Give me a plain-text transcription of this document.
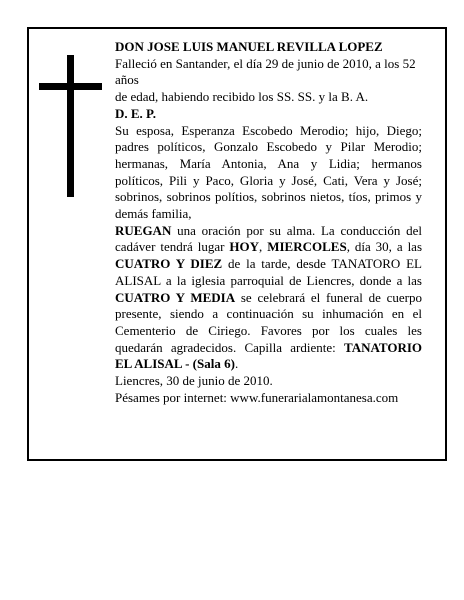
DON JOSE LUIS MANUEL REVILLA LOPEZ

Falleció en Santander, el día 29 de junio de 2010, a los 52 años

de edad, habiendo recibido los SS. SS. y la B. A.

D. E. P.

Su esposa, Esperanza Escobedo Merodio; hijo, Diego; padres políticos, Gonzalo Escobedo y Pilar Merodio; hermanas, María Antonia, Ana y Lidia; hermanos políticos, Pili y Paco, Gloria y José, Cati, Vera y José; sobrinos, sobrinos polítios, sobrinos nietos, tíos, primos y demás familia,

RUEGAN una oración por su alma. La conducción del cadáver tendrá lugar HOY, MIERCOLES, día 30, a las CUATRO Y DIEZ de la tarde, desde TANATORO EL ALISAL a la iglesia parroquial de Liencres, donde a las CUATRO Y MEDIA se celebrará el funeral de cuerpo presente, siendo a continuación su inhumación en el Cementerio de Ciriego. Favores por los cuales les quedarán agradecidos. Capilla ardiente: TANATORIO EL ALISAL - (Sala 6).

Liencres, 30 de junio de 2010.

Pésames por internet: www.funerarialamontanesa.com
